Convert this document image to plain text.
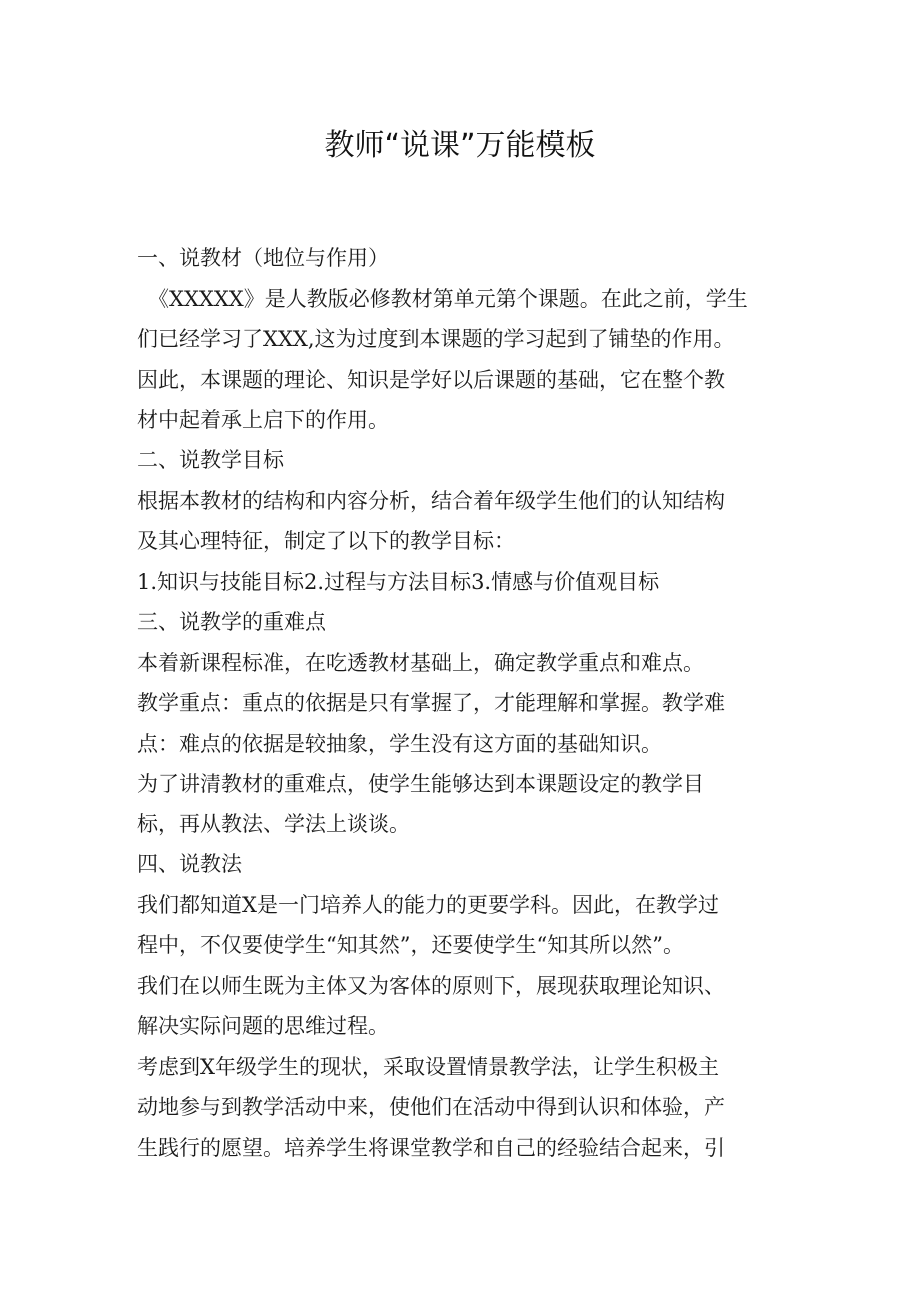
教师“说课”万能模板
一、说教材（地位与作用）
《XXXXX》是人教版必修教材第单元第个课题。在此之前，学生
们已经学习了XXX,这为过度到本课题的学习起到了铺垫的作用。
因此，本课题的理论、知识是学好以后课题的基础，它在整个教
材中起着承上启下的作用。
二、说教学目标
根据本教材的结构和内容分析，结合着年级学生他们的认知结构
及其心理特征，制定了以下的教学目标：
1.知识与技能目标2.过程与方法目标3.情感与价值观目标
三、说教学的重难点
本着新课程标准，在吃透教材基础上，确定教学重点和难点。
教学重点：重点的依据是只有掌握了，才能理解和掌握。教学难
点：难点的依据是较抽象，学生没有这方面的基础知识。
为了讲清教材的重难点，使学生能够达到本课题设定的教学目
标，再从教法、学法上谈谈。
四、说教法
我们都知道X是一门培养人的能力的更要学科。因此，在教学过
程中，不仅要使学生“知其然”，还要使学生“知其所以然”。
我们在以师生既为主体又为客体的原则下，展现获取理论知识、
解决实际问题的思维过程。
考虑到X年级学生的现状，采取设置情景教学法，让学生积极主
动地参与到教学活动中来，使他们在活动中得到认识和体验，产
生践行的愿望。培养学生将课堂教学和自己的经验结合起来，引
